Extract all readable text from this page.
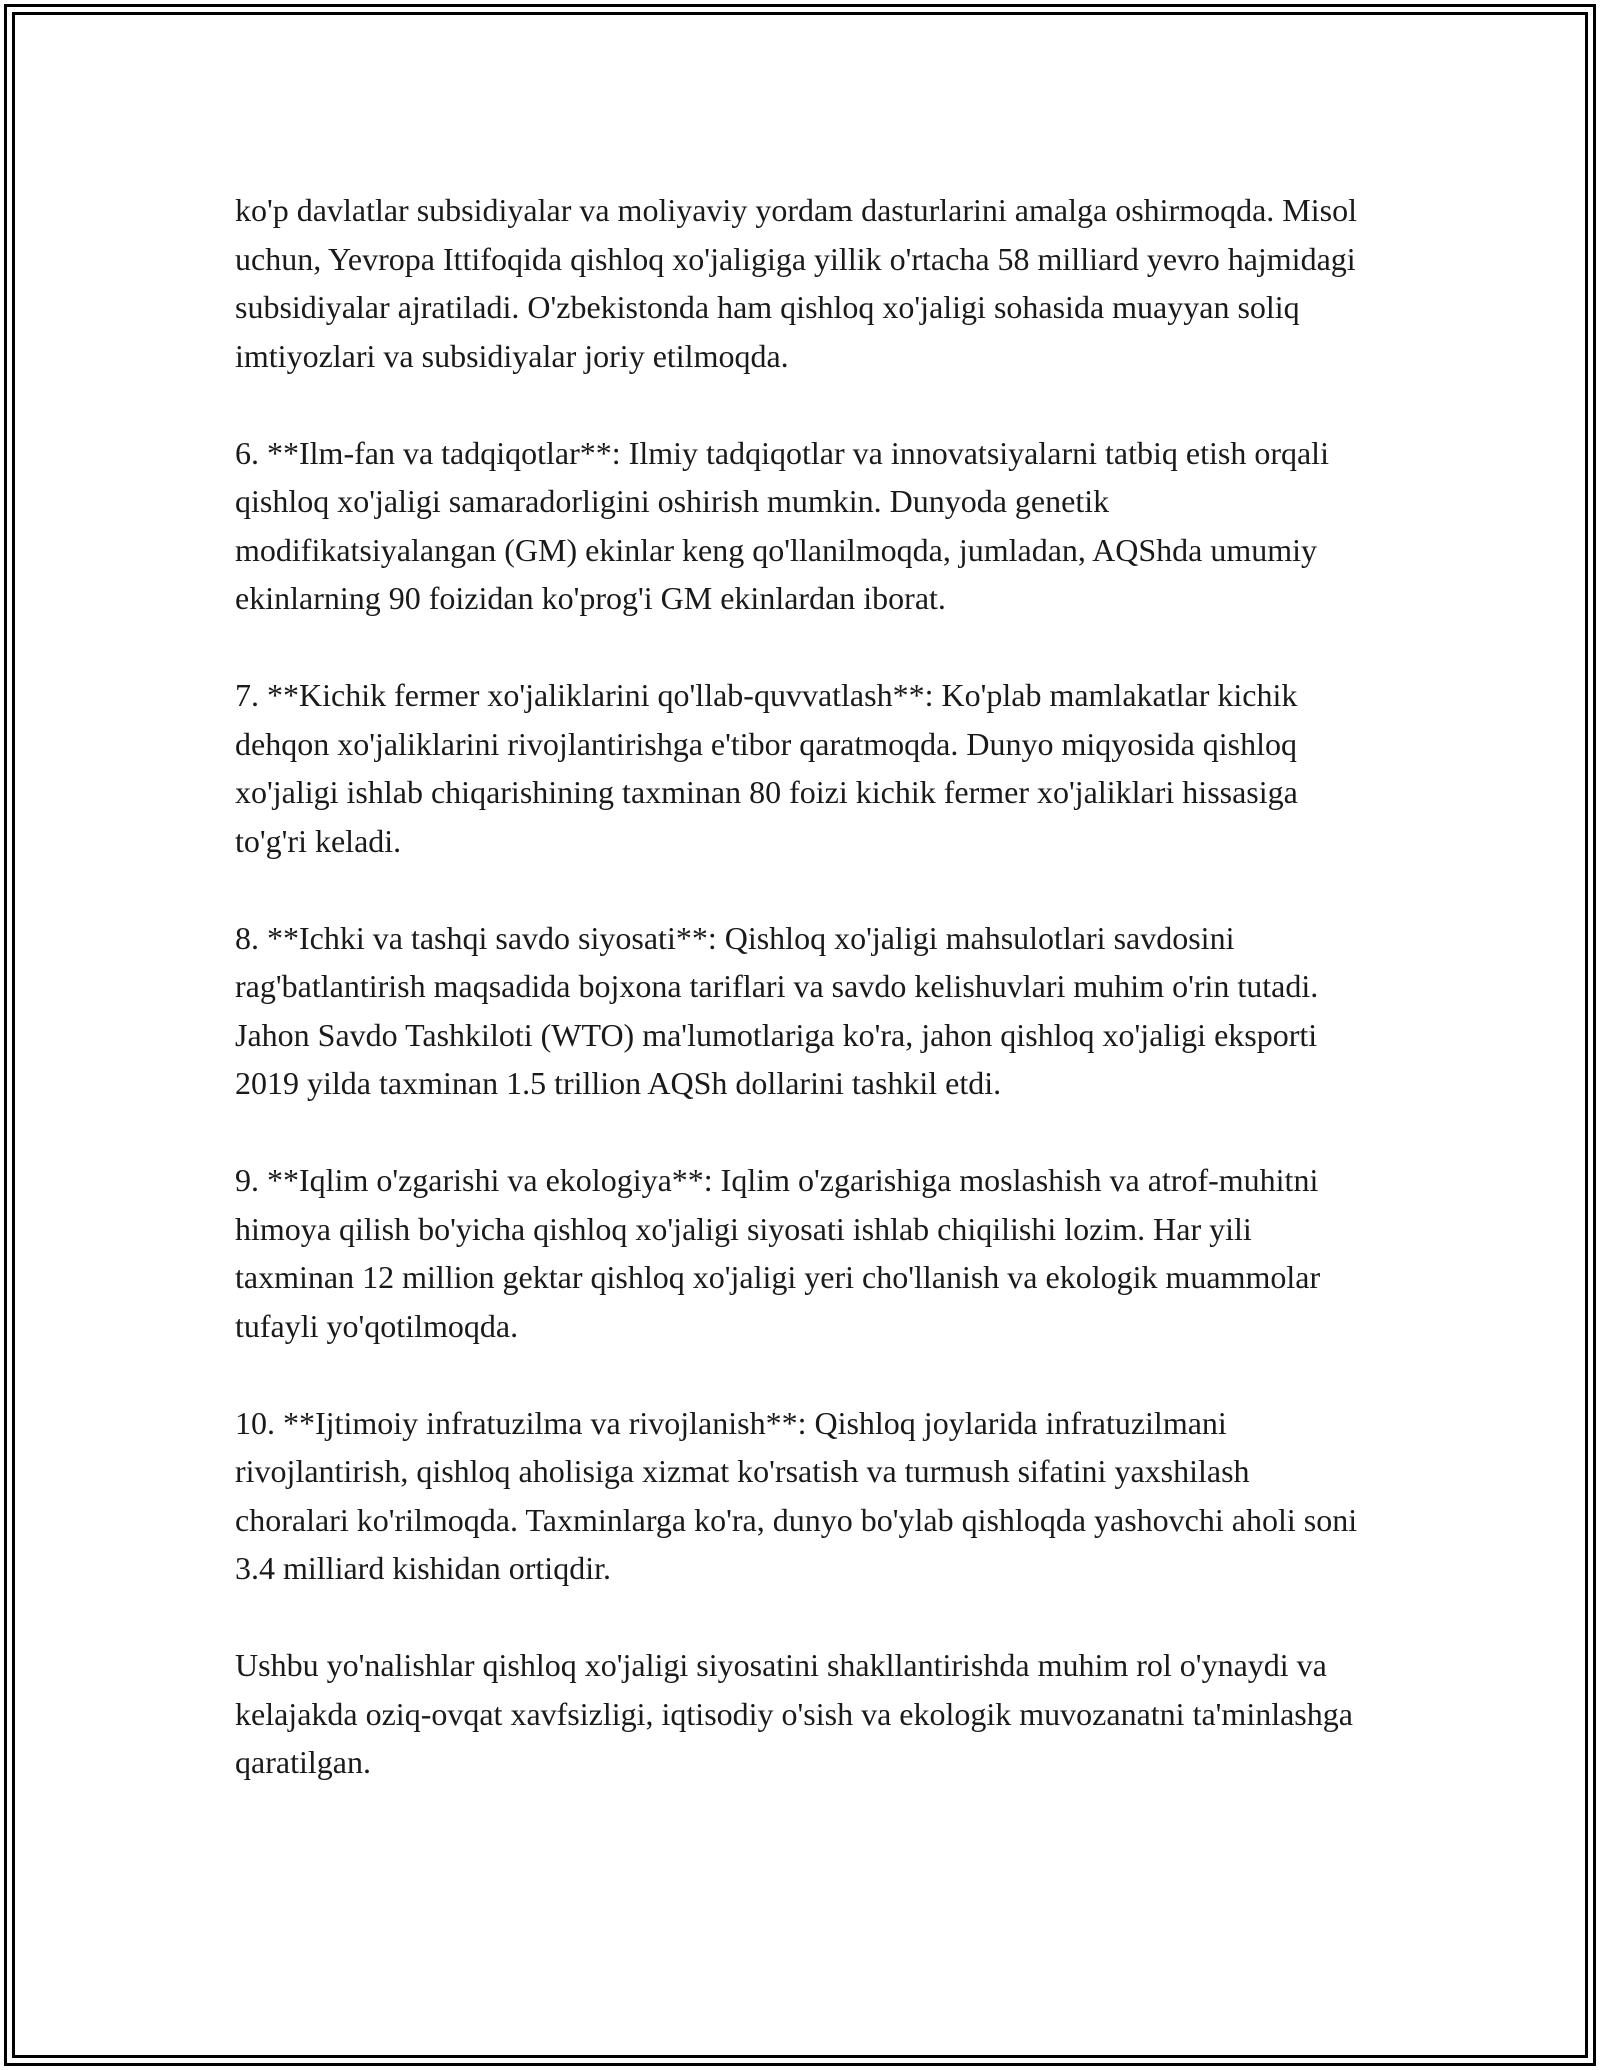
ko'p davlatlar subsidiyalar va moliyaviy yordam dasturlarini amalga oshirmoqda. Misol uchun, Yevropa Ittifoqida qishloq xo'jaligiga yillik o'rtacha 58 milliard yevro hajmidagi subsidiyalar ajratiladi. O'zbekistonda ham qishloq xo'jaligi sohasida muayyan soliq imtiyozlari va subsidiyalar joriy etilmoqda.

6. **Ilm-fan va tadqiqotlar**: Ilmiy tadqiqotlar va innovatsiyalarni tatbiq etish orqali qishloq xo'jaligi samaradorligini oshirish mumkin. Dunyoda genetik modifikatsiyalangan (GM) ekinlar keng qo'llanilmoqda, jumladan, AQShda umumiy ekinlarning 90 foizidan ko'prog'i GM ekinlardan iborat.

7. **Kichik fermer xo'jaliklarini qo'llab-quvvatlash**: Ko'plab mamlakatlar kichik dehqon xo'jaliklarini rivojlantirishga e'tibor qaratmoqda. Dunyo miqyosida qishloq xo'jaligi ishlab chiqarishining taxminan 80 foizi kichik fermer xo'jaliklari hissasiga to'g'ri keladi.

8. **Ichki va tashqi savdo siyosati**: Qishloq xo'jaligi mahsulotlari savdosini rag'batlantirish maqsadida bojxona tariflari va savdo kelishuvlari muhim o'rin tutadi. Jahon Savdo Tashkiloti (WTO) ma'lumotlariga ko'ra, jahon qishloq xo'jaligi eksporti 2019 yilda taxminan 1.5 trillion AQSh dollarini tashkil etdi.

9. **Iqlim o'zgarishi va ekologiya**: Iqlim o'zgarishiga moslashish va atrof-muhitni himoya qilish bo'yicha qishloq xo'jaligi siyosati ishlab chiqilishi lozim. Har yili taxminan 12 million gektar qishloq xo'jaligi yeri cho'llanish va ekologik muammolar tufayli yo'qotilmoqda.

10. **Ijtimoiy infratuzilma va rivojlanish**: Qishloq joylarida infratuzilmani rivojlantirish, qishloq aholisiga xizmat ko'rsatish va turmush sifatini yaxshilash choralari ko'rilmoqda. Taxminlarga ko'ra, dunyo bo'ylab qishloqda yashovchi aholi soni 3.4 milliard kishidan ortiqdir.

Ushbu yo'nalishlar qishloq xo'jaligi siyosatini shakllantirishda muhim rol o'ynaydi va kelajakda oziq-ovqat xavfsizligi, iqtisodiy o'sish va ekologik muvozanatni ta'minlashga qaratilgan.
